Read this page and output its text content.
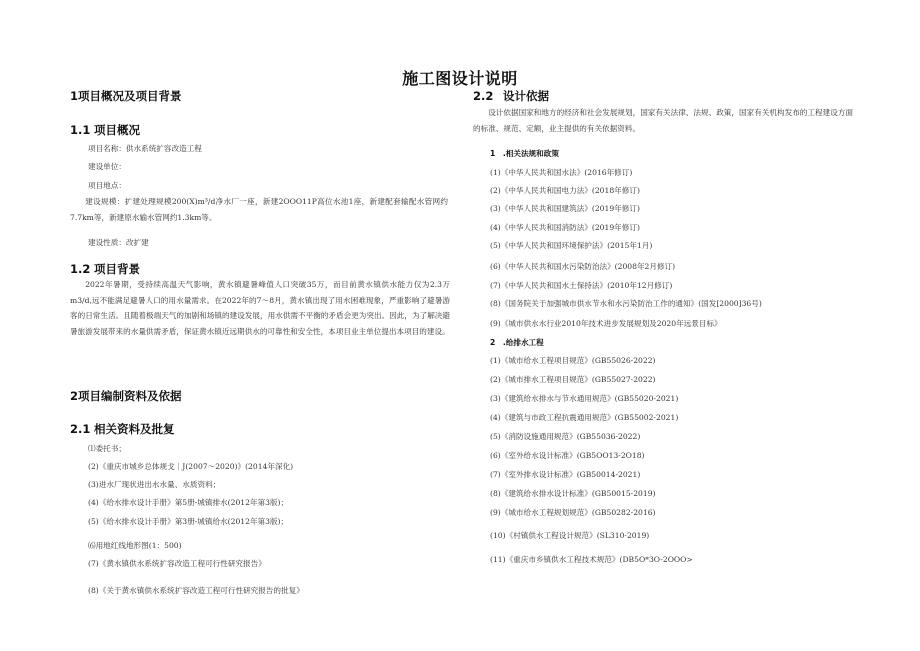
施工图设计说明
1项目概况及项目背景
1.1 项目概况
项目名称：供水系统扩容改造工程
建设单位：
项目地点：
建设规模：扩建处理规模200(X)m³/d净水厂一座，新建2OOO11P高位水池1座，新建配套输配水管网约7.7km等，新建原水输水管网约1.3km等。
建设性质：改扩建
1.2 项目背景
2022年暑期，受持续高温天气影响，黄水镇避暑峰值人口突破35万，而目前黄水镇供水能力仅为2.3万m3/d,远不能满足避暑人口的用水量需求。在2022年的7～8月，黄水镇出现了用水困难现象，严重影响了避暑游客的日常生活。且随着极端天气的加剧和场镇的建设发展，用水供需不平衡的矛盾会更为突出。因此，为了解决避暑旅游发展带来的水量供需矛盾，保证黄水镇近远期供水的可靠性和安全性，本项目业主单位提出本项目的建设。
2项目编制资料及依据
2.1 相关资料及批复
⑴委托书；
(2)《重庆市城乡总体规戈｜J(2007～2020)》(2014年深化)
(3)进水厂现状进出水水量、水质资料；
(4)《给水排水设计手册》第5册-城镇排水(2012年第3版)；
(5)《给水排水设计手册》第3册-城镇给水(2012年第3版)；
⑹用地红线地形图(1：500)
(7)《黄水镇供水系统扩容改造工程可行性研究报告》
(8)《关于黄水镇供水系统扩容改造工程可行性研究报告的批复》
2.2 设计依据
设计依据国家和地方的经济和社会发展规划，国家有关法律、法规、政策，国家有关机构发布的工程建设方面的标准、规范、定额，业主提供的有关依据资料。
1　.相关法规和政策
(1)《中华人民共和国水法》(2016年修订)
(2)《中华人民共和国电力法》(2018年修订)
(3)《中华人民共和国建筑法》(2019年修订)
(4)《中华人民共和国消防法》(2019年修订)
(5)《中华人民共和国环境保护法》(2015年1月)
(6)《中华人民共和国水污染防治法》(2008年2月修订)
(7)《中华人民共和国水土保持法》(2010年12月修订)
(8)《国务院关于加强城市供水节水和水污染防治工作的通知》(国发[2000]36号)
(9)《城市供水水行业2010年技术进步发展规划及2020年远景目标》
2　.给排水工程
(1)《城市给水工程项目规范》(GB55026-2022)
(2)《城市排水工程项目规范》(GB55027-2022)
(3)《建筑给水排水与节水通用规范》(GB55020-2021)
(4)《建筑与市政工程抗震通用规范》(GB55002-2021)
(5)《消防设施通用规范》(GB55036-2022)
(6)《室外给水设计标准》(GB5OO13-2O18)
(7)《室外排水设计标准》(GB50014-2021)
(8)《建筑给水排水设计标准》(GB50015-2019)
(9)《城市给水工程规划规范》(GB50282-2016)
(10)《村镇供水工程设计规范》(SL310-2019)
(11)《重庆市乡镇供水工程技术规范》(DB5O*3O-2OOO>
